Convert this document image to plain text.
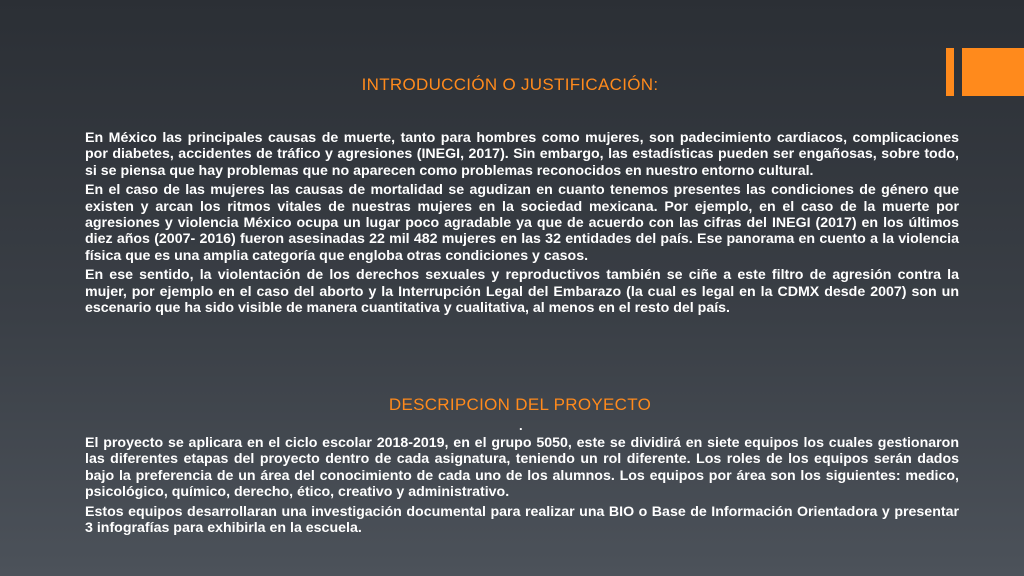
INTRODUCCIÓN O JUSTIFICACIÓN:

En México las principales causas de muerte, tanto para hombres como mujeres, son padecimiento cardiacos, complicaciones por diabetes, accidentes de tráfico y agresiones (INEGI, 2017). Sin embargo, las estadísticas pueden ser engañosas, sobre todo, si se piensa que hay problemas que no aparecen como problemas reconocidos en nuestro entorno cultural.

En el caso de las mujeres las causas de mortalidad se agudizan en cuanto tenemos presentes las condiciones de género que existen y arcan los ritmos vitales de nuestras mujeres en la sociedad mexicana. Por ejemplo, en el caso de la muerte por agresiones y violencia México ocupa un lugar poco agradable ya que de acuerdo con las cifras del INEGI (2017) en los últimos diez años (2007- 2016) fueron asesinadas 22 mil 482 mujeres en las 32 entidades del país. Ese panorama en cuento a la violencia física que es una amplia categoría que engloba otras condiciones y casos.

En ese sentido, la violentación de los derechos sexuales y reproductivos también se ciñe a este filtro de agresión contra la mujer, por ejemplo en el caso del aborto y la Interrupción Legal del Embarazo (la cual es legal en la CDMX desde 2007) son un escenario que ha sido visible de manera cuantitativa y cualitativa, al menos en el resto del país.

DESCRIPCION DEL PROYECTO
.

El proyecto se aplicara en el ciclo escolar 2018-2019, en el grupo 5050, este se dividirá en siete equipos los cuales gestionaron las diferentes etapas del proyecto dentro de cada asignatura, teniendo un rol diferente. Los roles de los equipos serán dados bajo la preferencia de un área del conocimiento de cada uno de los alumnos. Los equipos por área son los siguientes: medico, psicológico, químico, derecho, ético, creativo y administrativo.

Estos equipos desarrollaran una investigación documental para realizar una BIO o Base de Información Orientadora y presentar 3 infografías para exhibirla en la escuela.
